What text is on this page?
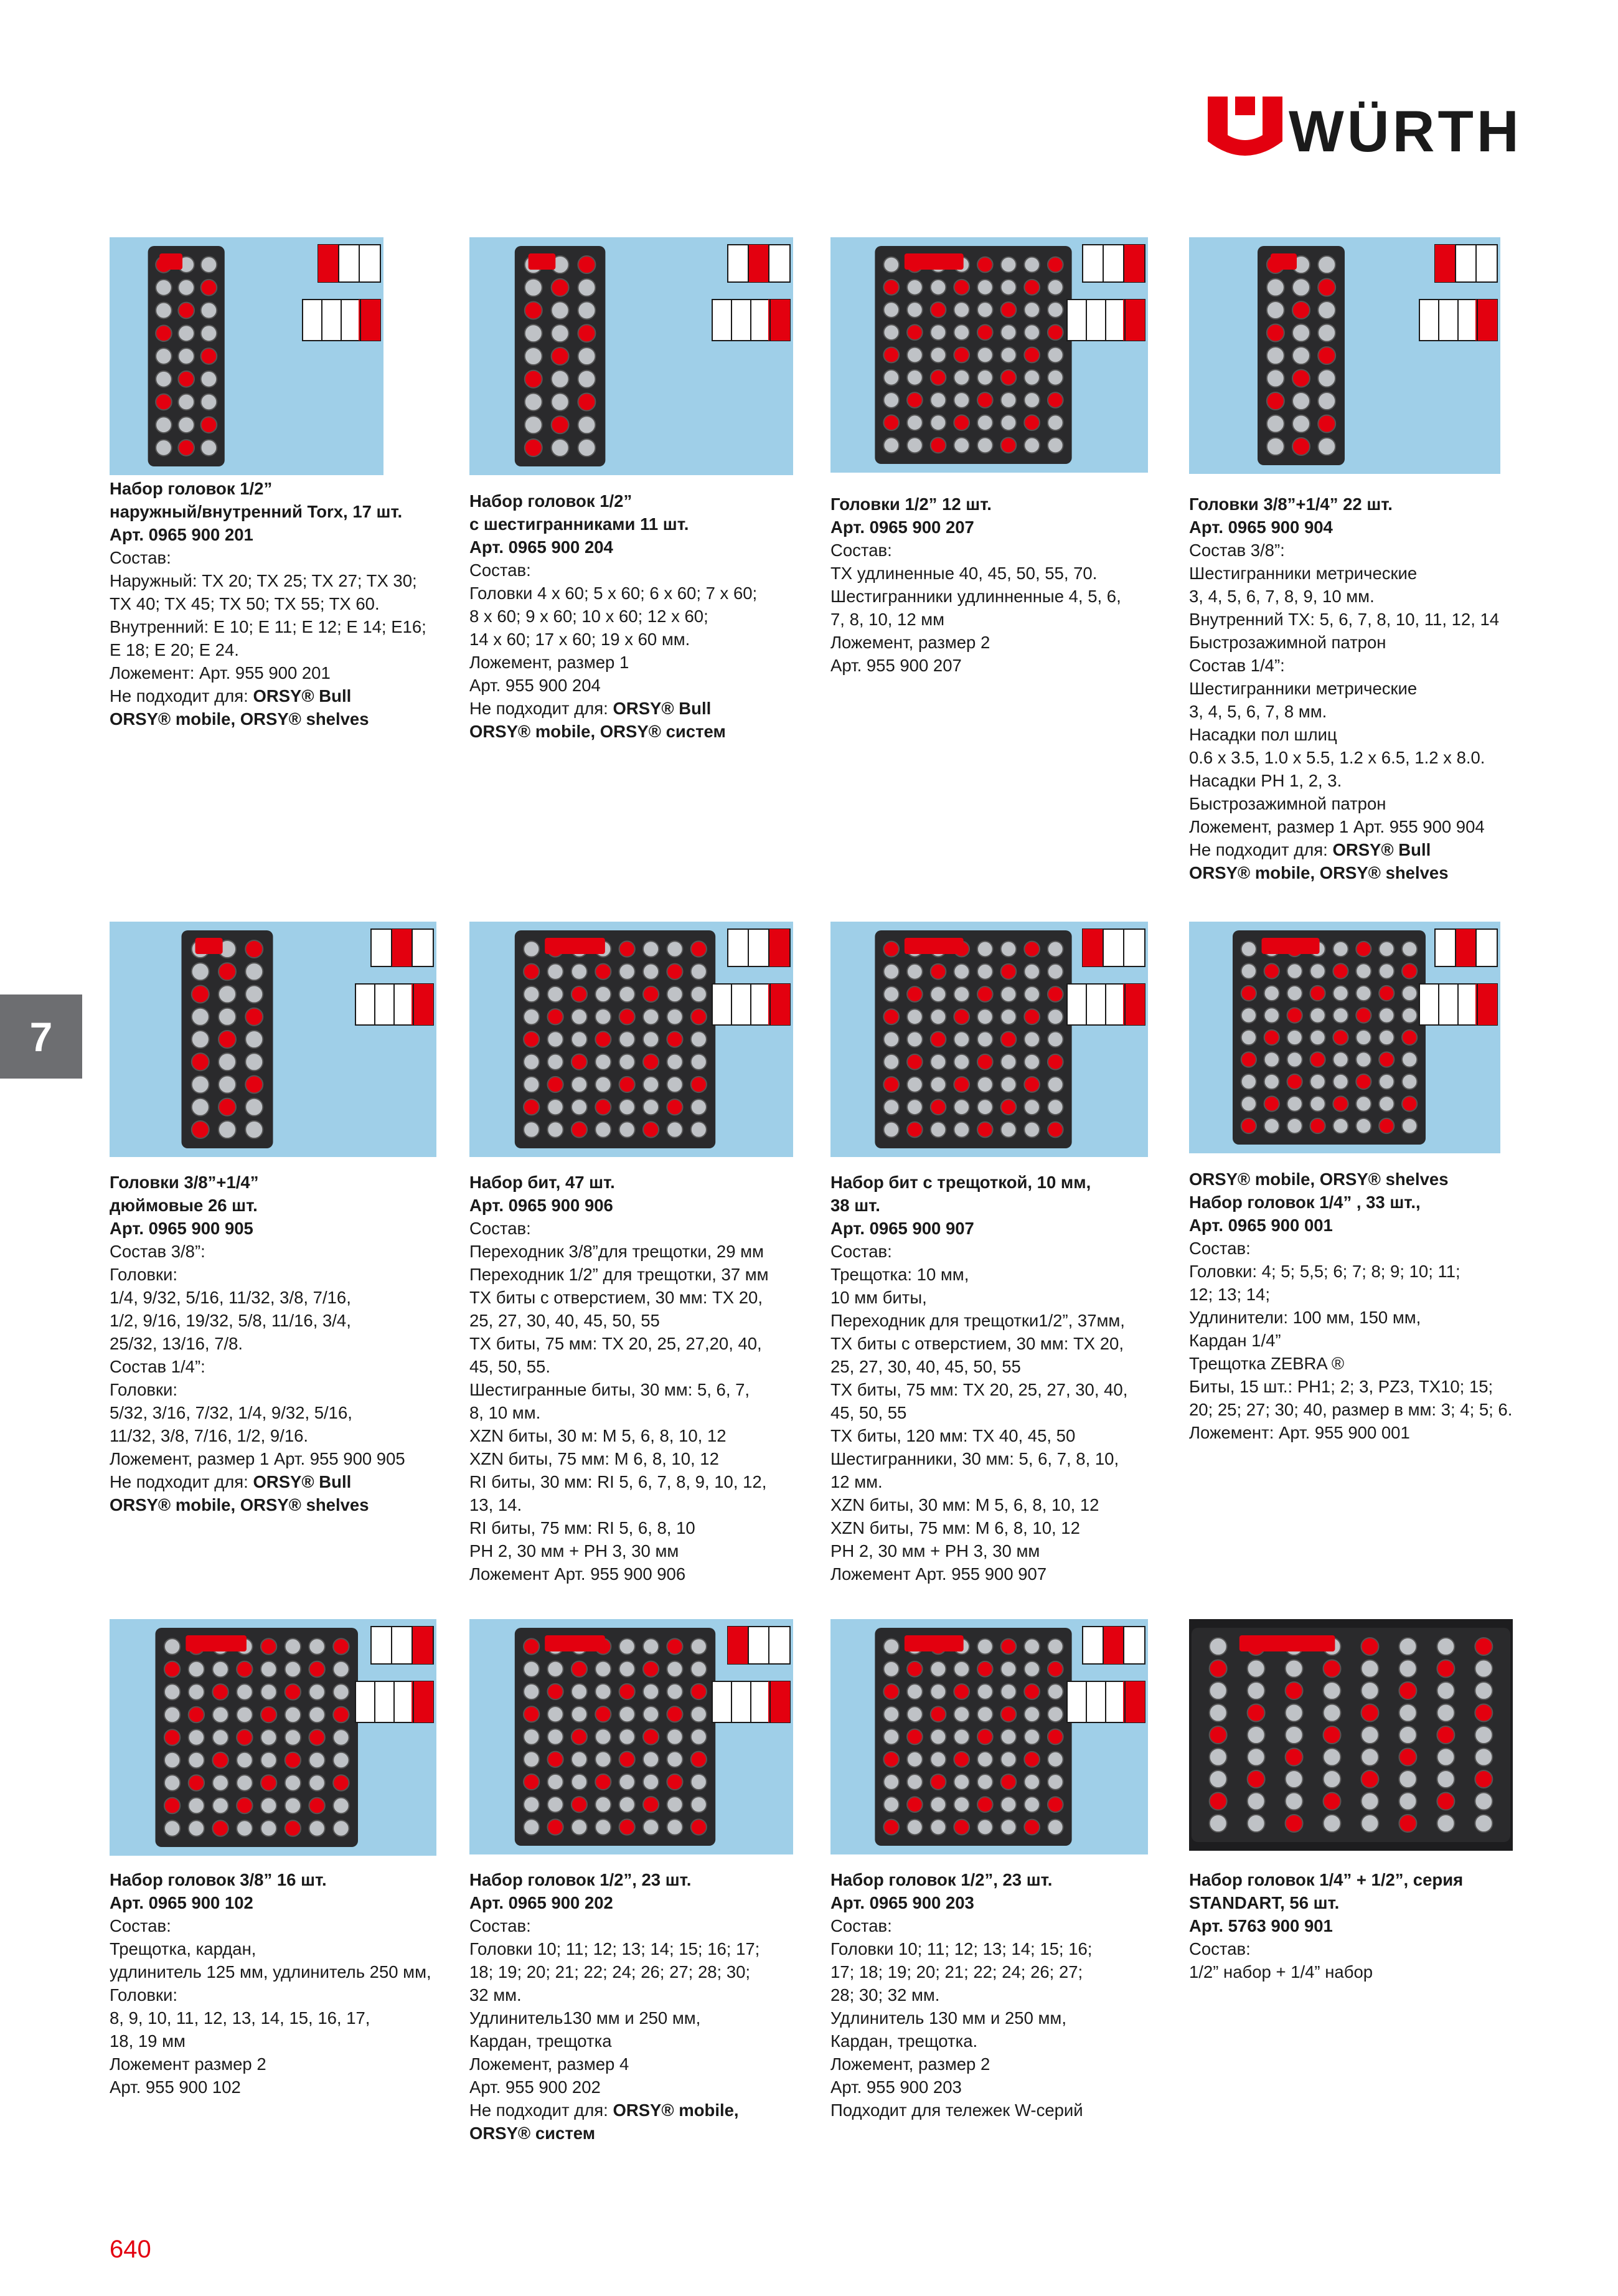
WÜRTH
7
Набор головок 1/2”
наружный/внутренний Torx, 17 шт.
Арт. 0965 900 201
Состав:
Наружный: TX 20; TX 25; TX 27; TX 30;
TX 40; TX 45; TX 50; TX 55; TX 60.
Внутренний: E 10; E 11; E 12; E 14; E16;
E 18; E 20; E 24.
Ложемент: Арт. 955 900 201
Не подходит для: ORSY® Bull
ORSY® mobile, ORSY® shelves
Набор головок 1/2”
с шестигранниками 11 шт.
Арт. 0965 900 204
Состав:
Головки 4 х 60; 5 х 60; 6 х 60; 7 х 60;
8 х 60; 9 х 60; 10 х 60; 12 х 60;
14 х 60; 17 х 60; 19 х 60 мм.
Ложемент, размер 1
Арт. 955 900 204
Не подходит для: ORSY® Bull
ORSY® mobile, ORSY® систем
Головки 1/2” 12 шт.
Арт. 0965 900 207
Состав:
TX удлиненные 40, 45, 50, 55, 70.
Шестигранники удлинненные 4, 5, 6,
7, 8, 10, 12 мм
Ложемент, размер 2
Арт. 955 900 207
Головки 3/8”+1/4” 22 шт.
Арт. 0965 900 904
Состав 3/8”:
Шестигранники метрические
3, 4, 5, 6, 7, 8, 9, 10 мм.
Внутренний TX: 5, 6, 7, 8, 10, 11, 12, 14
Быстрозажимной патрон
Состав 1/4”:
Шестигранники метрические
3, 4, 5, 6, 7, 8 мм.
Насадки пол шлиц
0.6 x 3.5, 1.0 x 5.5, 1.2 x 6.5, 1.2 x 8.0.
Насадки PH 1, 2, 3.
Быстрозажимной патрон
Ложемент, размер 1 Арт. 955 900 904
Не подходит для: ORSY® Bull
ORSY® mobile, ORSY® shelves
Головки 3/8”+1/4”
дюймовые 26 шт.
Арт. 0965 900 905
Состав 3/8”:
Головки:
1/4, 9/32, 5/16, 11/32, 3/8, 7/16,
1/2, 9/16, 19/32, 5/8, 11/16, 3/4,
25/32, 13/16, 7/8.
Состав 1/4”:
Головки:
5/32, 3/16, 7/32, 1/4, 9/32, 5/16,
11/32, 3/8, 7/16, 1/2, 9/16.
Ложемент, размер 1 Арт. 955 900 905
Не подходит для: ORSY® Bull
ORSY® mobile, ORSY® shelves
Набор бит, 47 шт.
Арт. 0965 900 906
Состав:
Переходник 3/8”для трещотки, 29 мм
Переходник 1/2” для трещотки, 37 мм
TX биты с отверстием, 30 мм: TX 20,
25, 27, 30, 40, 45, 50, 55
TX биты, 75 мм: TX 20, 25, 27,20, 40,
45, 50, 55.
Шестигранные биты, 30 мм: 5, 6, 7,
8, 10 мм.
XZN биты, 30 м: M 5, 6, 8, 10, 12
XZN биты, 75 мм: M 6, 8, 10, 12
RI биты, 30 мм: RI 5, 6, 7, 8, 9, 10, 12,
13, 14.
RI биты, 75 мм: RI 5, 6, 8, 10
PH 2, 30 мм + PH 3, 30 мм
Ложемент Арт. 955 900 906
Набор бит с трещоткой, 10 мм,
38 шт.
Арт. 0965 900 907
Состав:
Трещотка: 10 мм,
10 мм биты,
Переходник для трещотки1/2”, 37мм,
TX биты с отверстием, 30 мм: TX 20,
25, 27, 30, 40, 45, 50, 55
TX биты, 75 мм: TX 20, 25, 27, 30, 40,
45, 50, 55
TX биты, 120 мм: TX 40, 45, 50
Шестигранники, 30 мм: 5, 6, 7, 8, 10,
12 мм.
XZN биты, 30 мм: M 5, 6, 8, 10, 12
XZN биты, 75 мм: M 6, 8, 10, 12
PH 2, 30 мм + PH 3, 30 мм
Ложемент Арт. 955 900 907
ORSY® mobile, ORSY® shelves
Набор головок 1/4” , 33 шт.,
Арт. 0965 900 001
Состав:
Головки: 4; 5; 5,5; 6; 7; 8; 9; 10; 11;
12; 13; 14;
Удлинители: 100 мм, 150 мм,
Кардан 1/4”
Трещотка ZEBRA ®
Биты, 15 шт.: PH1; 2; 3, PZ3, TX10; 15;
20; 25; 27; 30; 40, размер в мм: 3; 4; 5; 6.
Ложемент: Арт. 955 900 001
Набор головок 3/8” 16 шт.
Арт. 0965 900 102
Состав:
Трещотка, кардан,
удлинитель 125 мм, удлинитель 250 мм,
Головки:
8, 9, 10, 11, 12, 13, 14, 15, 16, 17,
18, 19 мм
Ложемент размер 2
Арт. 955 900 102
Набор головок 1/2”, 23 шт.
Арт. 0965 900 202
Состав:
Головки 10; 11; 12; 13; 14; 15; 16; 17;
18; 19; 20; 21; 22; 24; 26; 27; 28; 30;
32 мм.
Удлинитель130 мм и 250 мм,
Кардан, трещотка
Ложемент, размер 4
Арт. 955 900 202
Не подходит для: ORSY® mobile,
ORSY® систем
Набор головок 1/2”, 23 шт.
Арт. 0965 900 203
Состав:
Головки 10; 11; 12; 13; 14; 15; 16;
17; 18; 19; 20; 21; 22; 24; 26; 27;
28; 30; 32 мм.
Удлинитель 130 мм и 250 мм,
Кардан, трещотка.
Ложемент, размер 2
Арт. 955 900 203
Подходит для тележек W-серий
Набор головок 1/4” + 1/2”, серия
STANDART, 56 шт.
Арт. 5763 900 901
Состав:
1/2” набор + 1/4” набор
640
